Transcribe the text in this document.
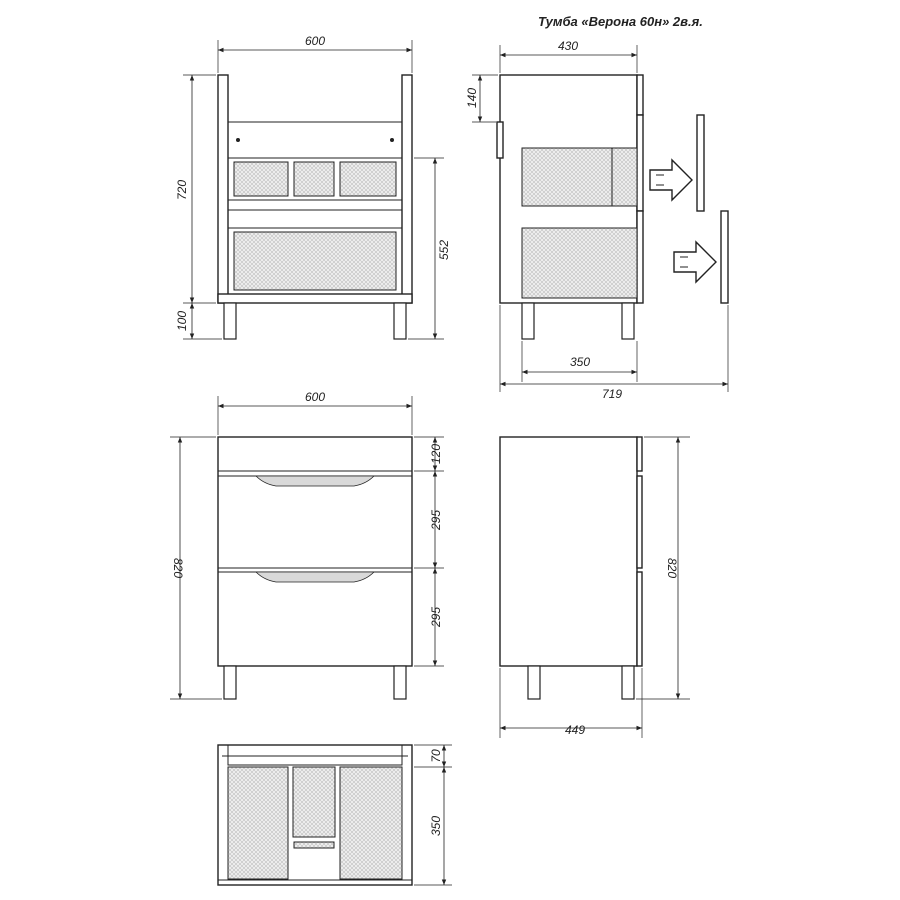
Тумба «Верона 60н» 2в.я.
600
720
100
552
430
140
350
719
600
820
120
295
295
820
449
70
350
